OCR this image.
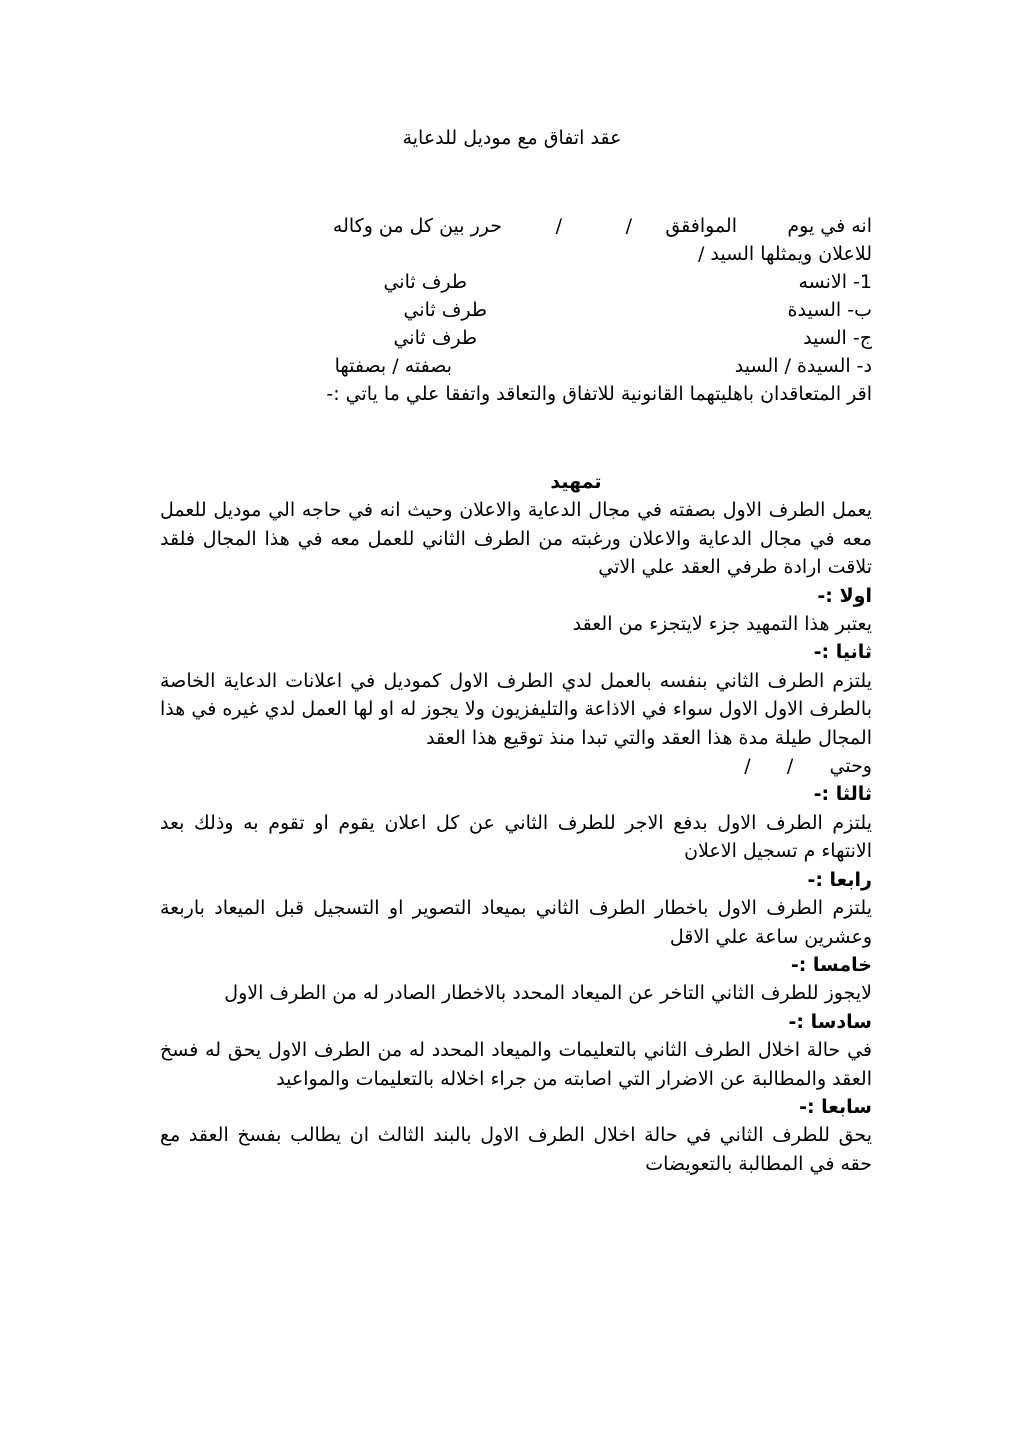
عقد اتفاق مع موديل للدعاية
انه في يوم
الموافقق
/
/
حرر بين كل من وكاله
للاعلان ويمثلها السيد /
1- الانسه
طرف ثاني
ب- السيدة
طرف ثاني
ج- السيد
طرف ثاني
د- السيدة / السيد
بصفته / بصفتها
اقر المتعاقدان باهليتهما القانونية للاتفاق والتعاقد واتفقا علي ما ياتي :-

تمهيد

يعمل الطرف الاول بصفته في مجال الدعاية والاعلان وحيث انه في حاجه الي موديل للعمل معه في مجال الدعاية والاعلان ورغبته من الطرف الثاني للعمل معه في هذا المجال فلقد تلاقت ارادة طرفي العقد علي الاتي

اولا :-

يعتبر هذا التمهيد جزء لايتجزء من العقد

ثانيا :-

يلتزم الطرف الثاني بنفسه بالعمل لدي الطرف الاول كموديل في اعلانات الدعاية الخاصة بالطرف الاول الاول سواء في الاذاعة والتليفزيون ولا يجوز له او لها العمل لدي غيره في هذا المجال طيلة مدة هذا العقد والتي تبدا منذ توقيع هذا العقد

وحتي      /      /

ثالثا :-

يلتزم الطرف الاول بدفع الاجر للطرف الثاني عن كل اعلان يقوم او تقوم به وذلك بعد الانتهاء م تسجيل الاعلان

رابعا :-

يلتزم الطرف الاول باخطار الطرف الثاني بميعاد التصوير او التسجيل قبل الميعاد باربعة وعشرين ساعة علي الاقل

خامسا :-

لايجوز للطرف الثاني التاخر عن الميعاد المحدد بالاخطار الصادر له من الطرف الاول

سادسا :-

في حالة اخلال الطرف الثاني بالتعليمات والميعاد المحدد له من الطرف الاول يحق له فسخ العقد والمطالبة عن الاضرار التي اصابته من جراء اخلاله بالتعليمات والمواعيد

سابعا :-

يحق للطرف الثاني في حالة اخلال الطرف الاول بالبند الثالث ان يطالب بفسخ العقد مع حقه في المطالبة بالتعويضات
